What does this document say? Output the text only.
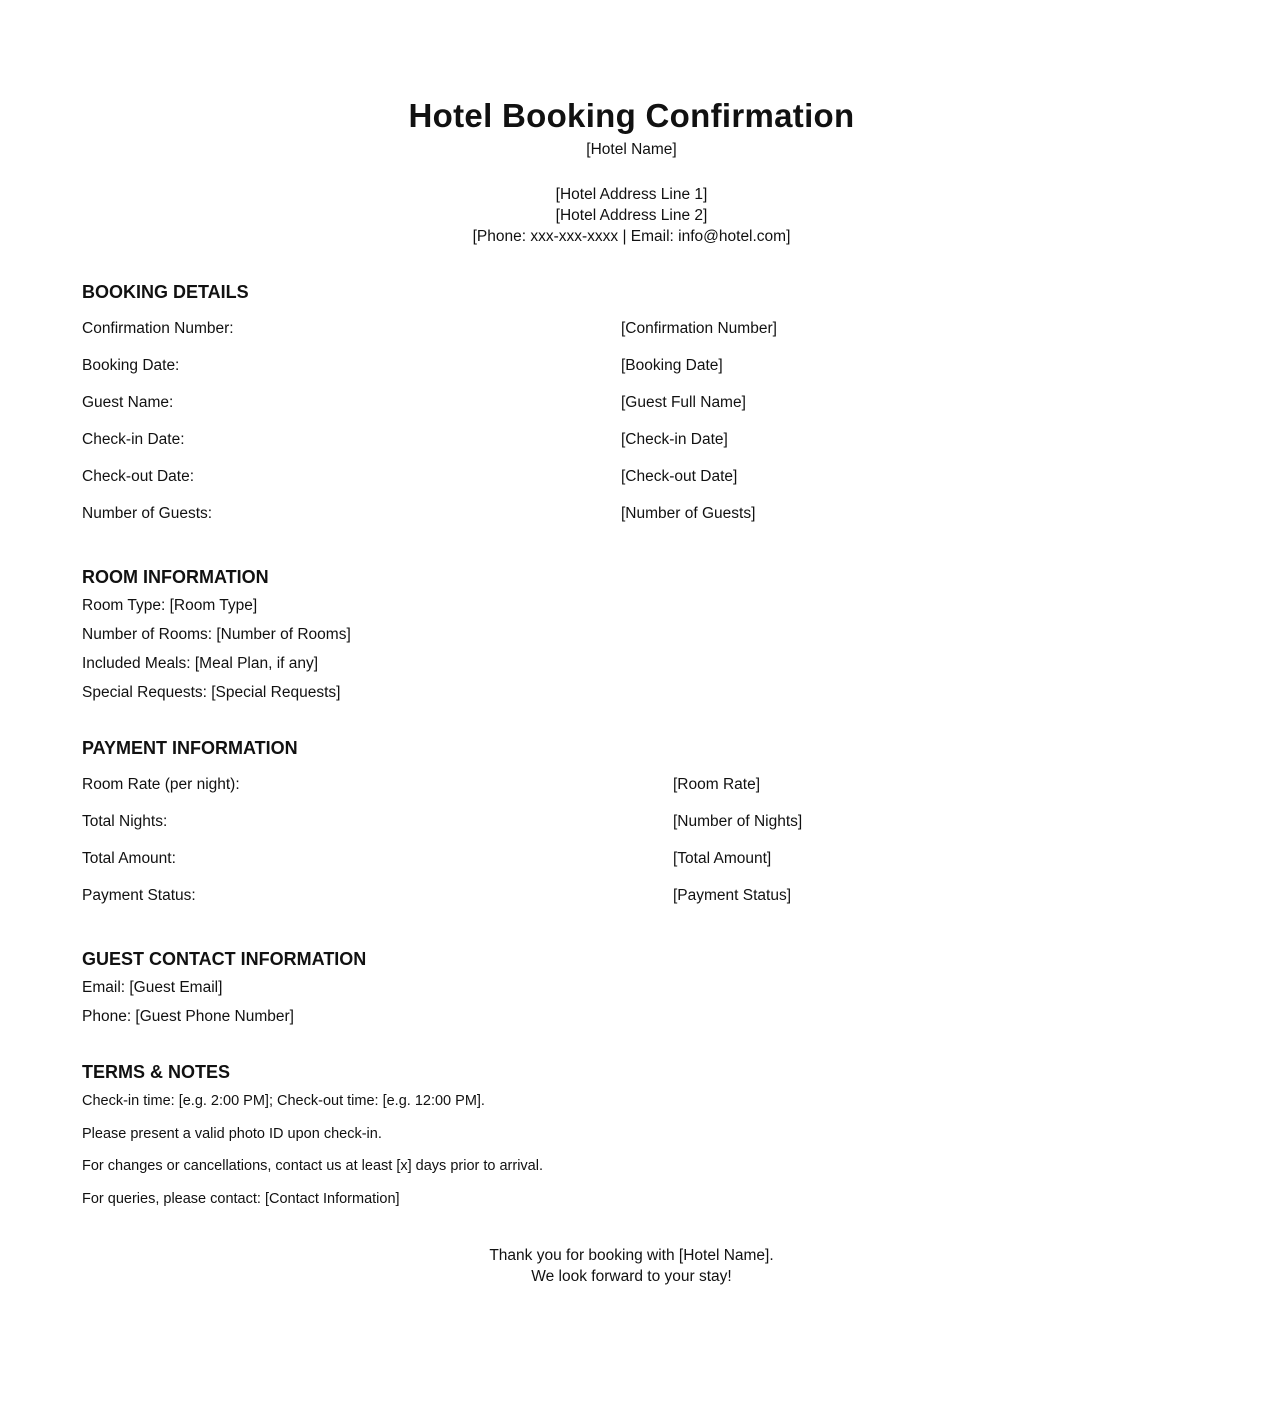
Hotel Booking Confirmation
[Hotel Name]
[Hotel Address Line 1]
[Hotel Address Line 2]
[Phone: xxx-xxx-xxxx | Email: info@hotel.com]
BOOKING DETAILS
Confirmation Number:	[Confirmation Number]
Booking Date:	[Booking Date]
Guest Name:	[Guest Full Name]
Check-in Date:	[Check-in Date]
Check-out Date:	[Check-out Date]
Number of Guests:	[Number of Guests]
ROOM INFORMATION
Room Type: [Room Type]
Number of Rooms: [Number of Rooms]
Included Meals: [Meal Plan, if any]
Special Requests: [Special Requests]
PAYMENT INFORMATION
Room Rate (per night):	[Room Rate]
Total Nights:	[Number of Nights]
Total Amount:	[Total Amount]
Payment Status:	[Payment Status]
GUEST CONTACT INFORMATION
Email: [Guest Email]
Phone: [Guest Phone Number]
TERMS & NOTES
Check-in time: [e.g. 2:00 PM]; Check-out time: [e.g. 12:00 PM].
Please present a valid photo ID upon check-in.
For changes or cancellations, contact us at least [x] days prior to arrival.
For queries, please contact: [Contact Information]
Thank you for booking with [Hotel Name].
We look forward to your stay!
